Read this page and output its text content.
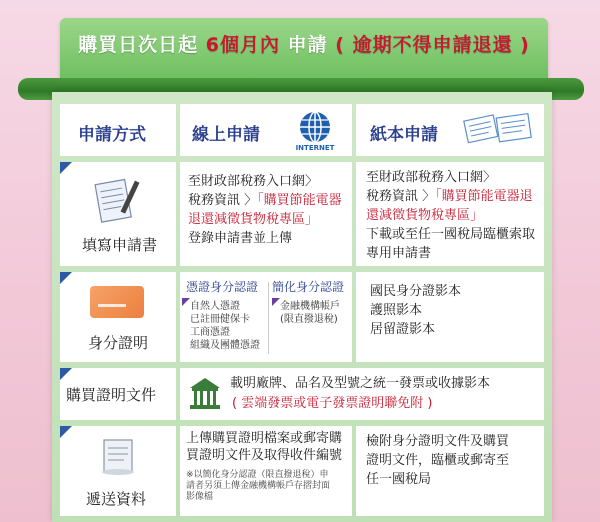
購買日次日起 6個月內 申請 ( 逾期不得申請退還 )
申請方式	線上申請
INTERNET
紙本申請
填寫申請書
至財政部稅務入口網〉
稅務資訊 〉「購買節能電器退還減徵貨物稅專區」
登錄申請書並上傳
至財政部稅務入口網〉
稅務資訊 〉「購買節能電器退還減徵貨物稅專區」
下載或至任一國稅局臨櫃索取專用申請書
身分證明
憑證身分認證 簡化身分認證
自然人憑證
已註冊健保卡
工商憑證
組織及團體憑證
金融機構帳戶
(限直撥退稅)
國民身分證影本
護照影本
居留證影本
購買證明文件
載明廠牌、品名及型號之統一發票或收據影本
( 雲端發票或電子發票證明聯免附 )
遞送資料
上傳購買證明檔案或郵寄購
買證明文件及取得收件編號
※以簡化身分認證（限直撥退稅）申
請者另須上傳金融機構帳戶存摺封面
影像檔
檢附身分證明文件及購買
證明文件，臨櫃或郵寄至
任一國稅局
